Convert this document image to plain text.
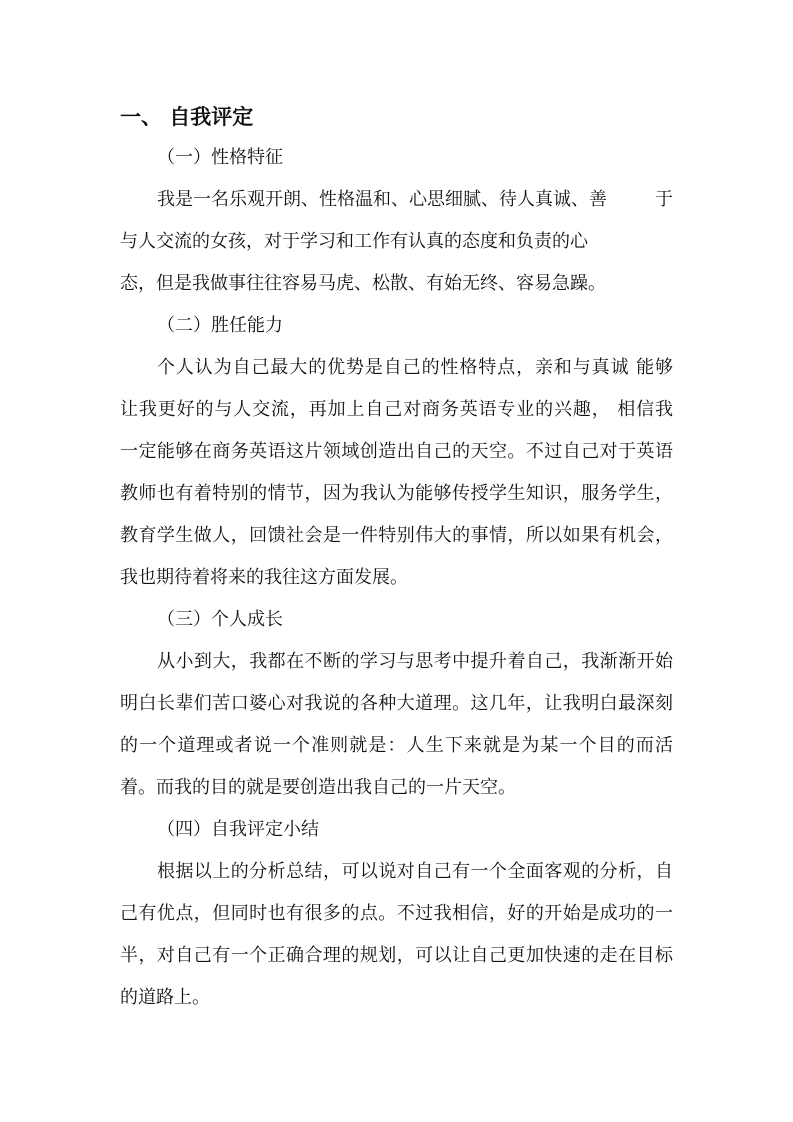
一、 自我评定
（一）性格特征
我是一名乐观开朗、性格温和、心思细腻、待人真诚、善	于
与人交流的女孩，对于学习和工作有认真的态度和负责的心
态，但是我做事往往容易马虎、松散、有始无终、容易急躁。
（二）胜任能力
个人认为自己最大的优势是自己的性格特点，亲和与真诚 能够
让我更好的与人交流，再加上自己对商务英语专业的兴趣， 相信我
一定能够在商务英语这片领域创造出自己的天空。不过自己对于英语
教师也有着特别的情节，因为我认为能够传授学生知识，服务学生，
教育学生做人，回馈社会是一件特别伟大的事情，所以如果有机会，
我也期待着将来的我往这方面发展。
（三）个人成长
从小到大，我都在不断的学习与思考中提升着自己，我渐渐开始
明白长辈们苦口婆心对我说的各种大道理。这几年，让我明白最深刻
的一个道理或者说一个准则就是：人生下来就是为某一个目的而活
着。而我的目的就是要创造出我自己的一片天空。
（四）自我评定小结
根据以上的分析总结，可以说对自己有一个全面客观的分析，自
己有优点，但同时也有很多的点。不过我相信，好的开始是成功的一
半，对自己有一个正确合理的规划，可以让自己更加快速的走在目标
的道路上。
